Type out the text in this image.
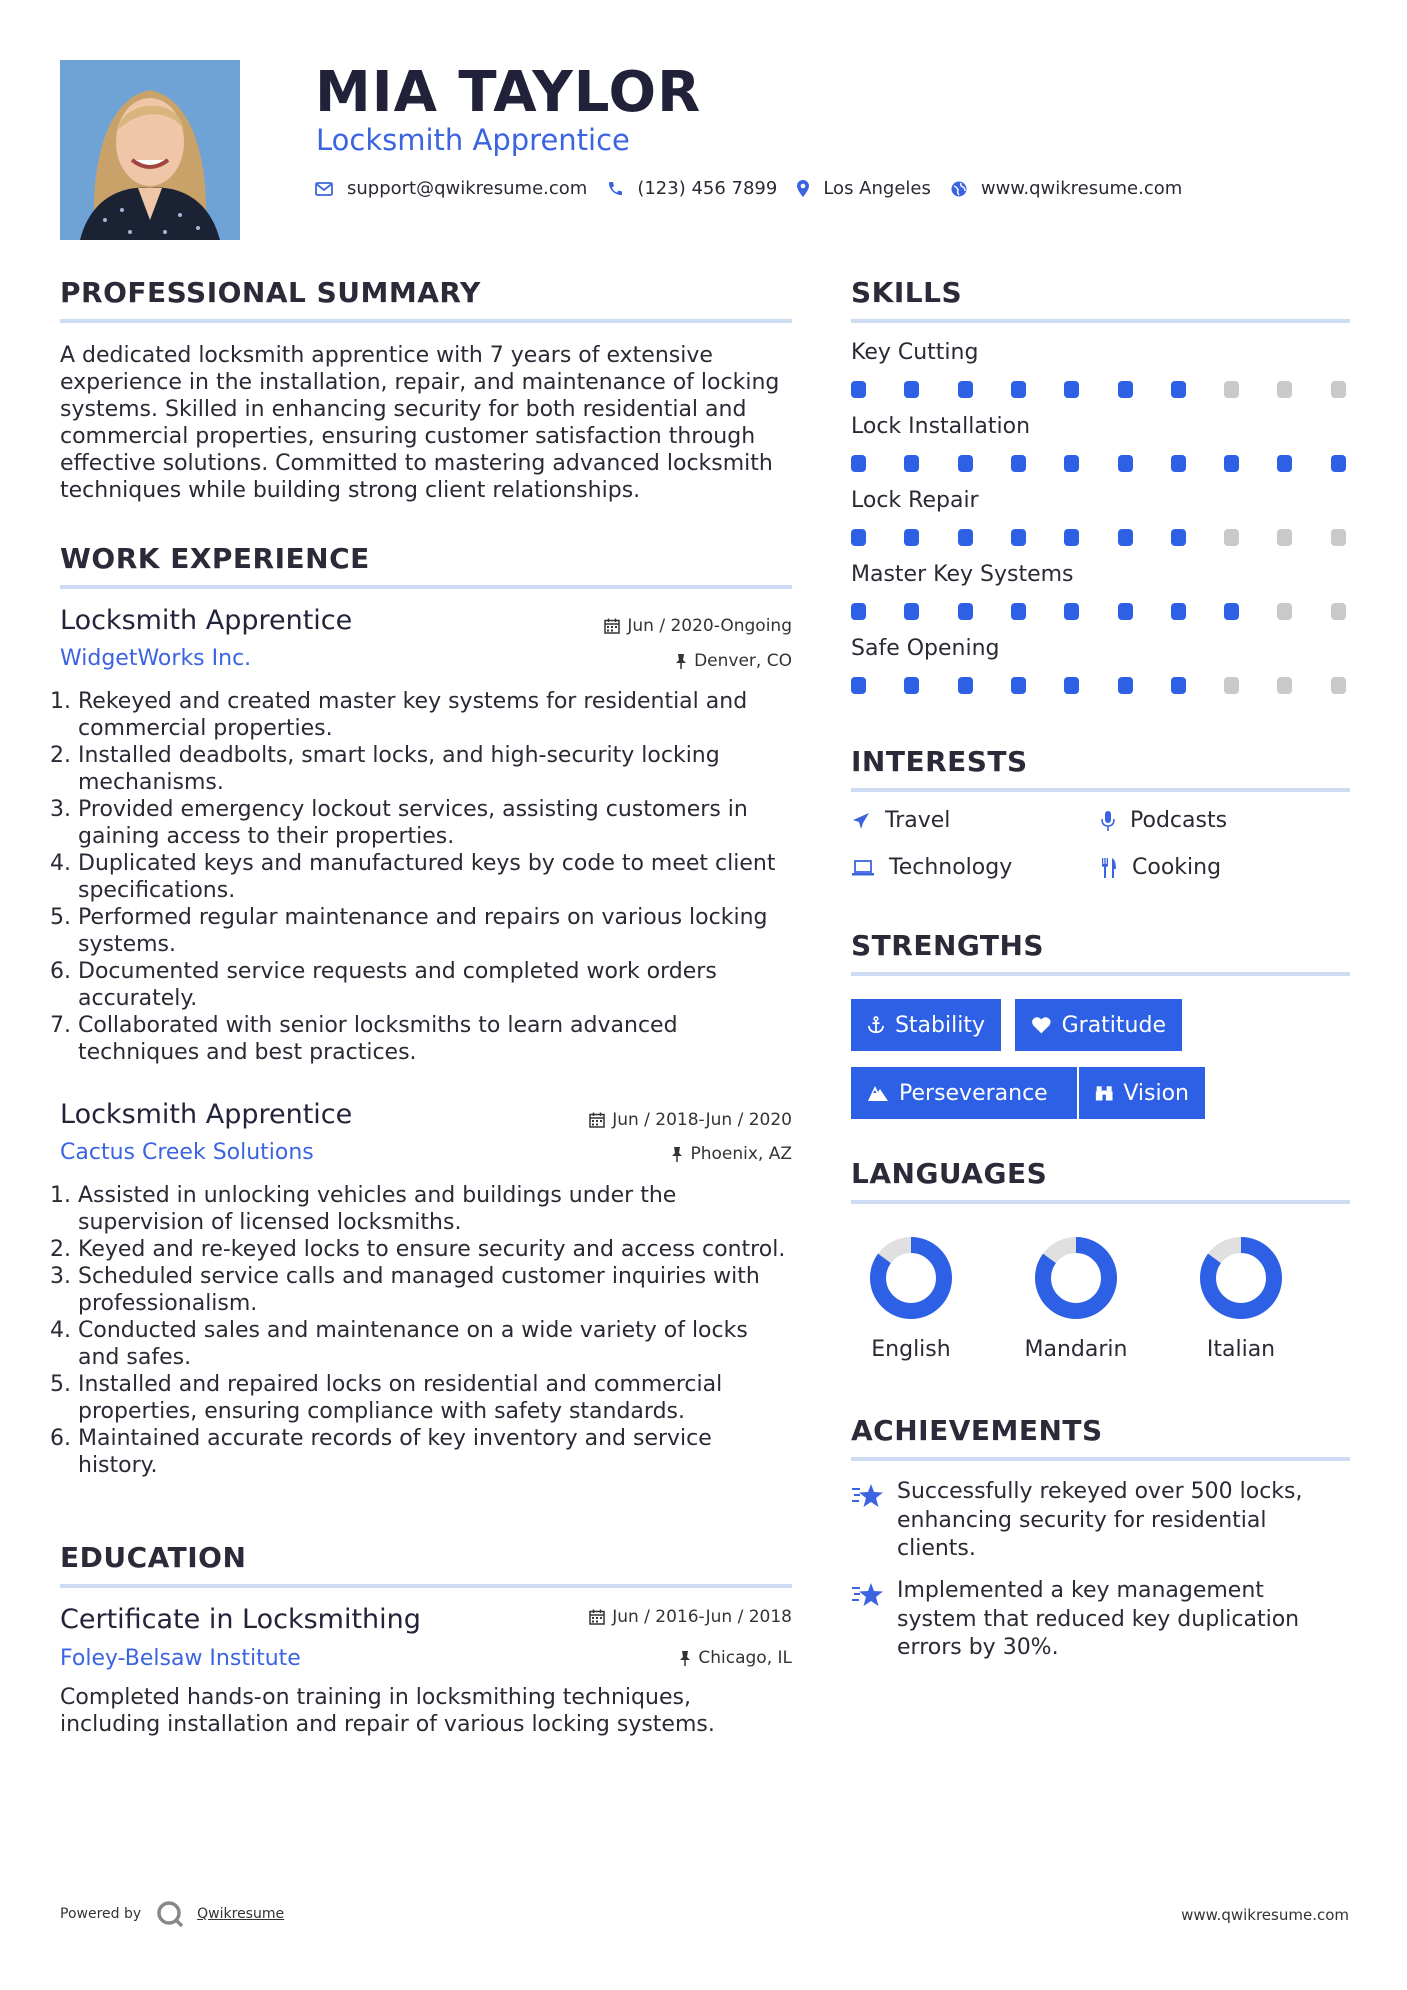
MIA TAYLOR
Locksmith Apprentice
support@qwikresume.com	(123) 456 7899	Los Angeles	www.qwikresume.com
PROFESSIONAL SUMMARY
A dedicated locksmith apprentice with 7 years of extensive experience in the installation, repair, and maintenance of locking systems. Skilled in enhancing security for both residential and commercial properties, ensuring customer satisfaction through effective solutions. Committed to mastering advanced locksmith techniques while building strong client relationships.
WORK EXPERIENCE
Locksmith Apprentice	Jun / 2020-Ongoing
WidgetWorks Inc.	Denver, CO
1. Rekeyed and created master key systems for residential and
commercial properties.
2. Installed deadbolts, smart locks, and high-security locking
mechanisms.
3. Provided emergency lockout services, assisting customers in
gaining access to their properties.
4. Duplicated keys and manufactured keys by code to meet client
specifications.
5. Performed regular maintenance and repairs on various locking
systems.
6. Documented service requests and completed work orders
accurately.
7. Collaborated with senior locksmiths to learn advanced
techniques and best practices.
Locksmith Apprentice	Jun / 2018-Jun / 2020
Cactus Creek Solutions	Phoenix, AZ
1. Assisted in unlocking vehicles and buildings under the
supervision of licensed locksmiths.
2. Keyed and re-keyed locks to ensure security and access control.
3. Scheduled service calls and managed customer inquiries with
professionalism.
4. Conducted sales and maintenance on a wide variety of locks
and safes.
5. Installed and repaired locks on residential and commercial
properties, ensuring compliance with safety standards.
6. Maintained accurate records of key inventory and service
history.
EDUCATION
Certificate in Locksmithing	Jun / 2016-Jun / 2018
Foley-Belsaw Institute	Chicago, IL
Completed hands-on training in locksmithing techniques, including installation and repair of various locking systems.
SKILLS
Key Cutting
Lock Installation
Lock Repair
Master Key Systems
Safe Opening
INTERESTS
Travel	Podcasts
Technology	Cooking
STRENGTHS
Stability	Gratitude
Perseverance	Vision
LANGUAGES
English	Mandarin	Italian
ACHIEVEMENTS
Successfully rekeyed over 500 locks,
enhancing security for residential
clients.
Implemented a key management
system that reduced key duplication
errors by 30%.
Powered by	Qwikresume	www.qwikresume.com
